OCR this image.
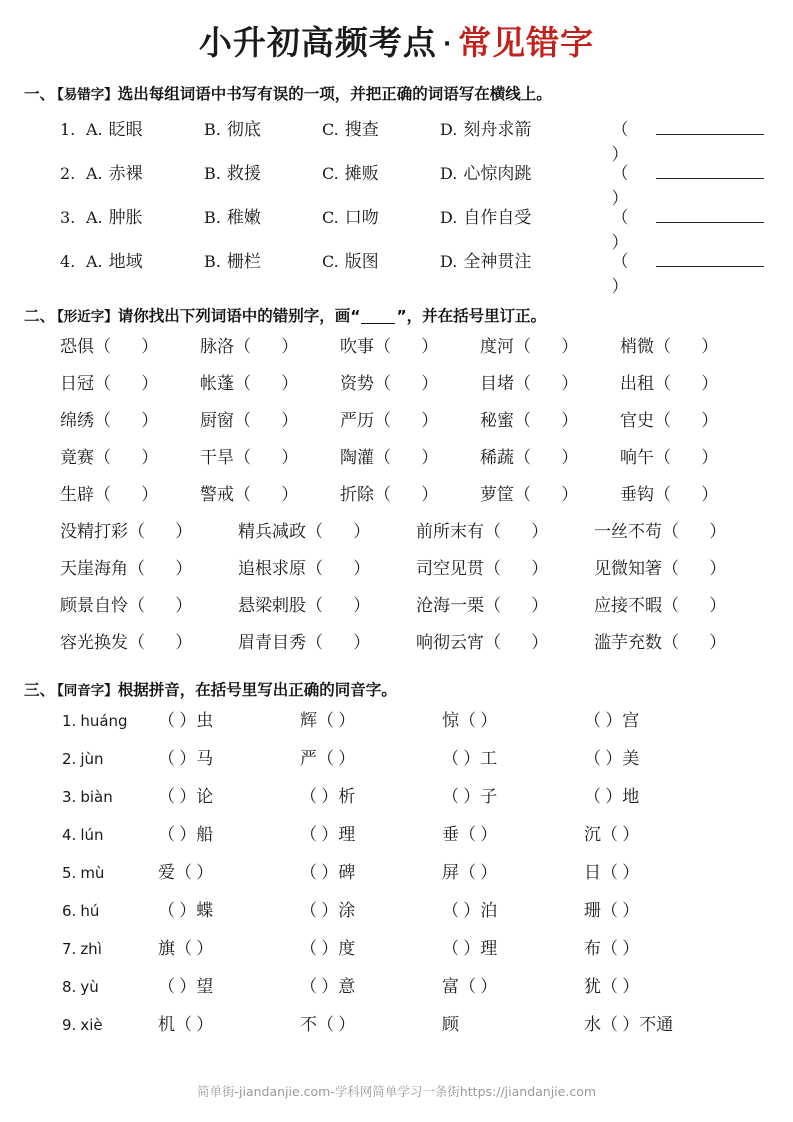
小升初高频考点 · 常见错字
一、 【易错字】选出每组词语中书写有误的一项，并把正确的词语写在横线上。
1. A. 眨眼	B. 彻底	C. 搜查	D. 刻舟求箭	（ ）
2. A. 赤裸	B. 救援	C. 摊贩	D. 心惊肉跳	（ ）
3. A. 肿胀	B. 稚嫩	C. 口吻	D. 自作自受	（ ）
4. A. 地域	B. 栅栏	C. 版图	D. 全神贯注	（ ）
二、 【形近字】请你找出下列词语中的错别字，画“ ”，并在括号里订正。
恐俱（ ）	脉洛（ ）	吹事（ ）	度河（ ）	梢微（ ）
日冠（ ）	帐蓬（ ）	资势（ ）	目堵（ ）	出租（ ）
绵绣（ ）	厨窗（ ）	严历（ ）	秘蜜（ ）	官史（ ）
竟赛（ ）	干旱（ ）	陶灌（ ）	稀蔬（ ）	响午（ ）
生辟（ ）	警戒（ ）	折除（ ）	萝筐（ ）	垂钩（ ）
没精打彩（ ）	精兵减政（ ）	前所末有（ ）	一丝不苟（ ）
天崖海角（ ）	追根求原（ ）	司空见贯（ ）	见微知箸（ ）
顾景自怜（ ）	悬梁剌股（ ）	沧海一栗（ ）	应接不暇（ ）
容光换发（ ）	眉青目秀（ ）	响彻云宵（ ）	滥芋充数（ ）
三、 【同音字】根据拼音，在括号里写出正确的同音字。
1. huáng	（ ）虫	辉（ ）	惊（ ）	（ ）宫
2. jùn	（ ）马	严（ ）	（ ）工	（ ）美
3. biàn	（ ）论	（ ）析	（ ）子	（ ）地
4. lún	（ ）船	（ ）理	垂（ ）	沉（ ）
5. mù	爱（ ）	（ ）碑	屏（ ）	日（ ）
6. hú	（ ）蝶	（ ）涂	（ ）泊	珊（ ）
7. zhì	旗（ ）	（ ）度	（ ）理	布（ ）
8. yù	（ ）望	（ ）意	富（ ）	犹（ ）
9. xiè	机（ ）	不（ ）	顾	水（ ）不通
简单街-jiandanjie.com-学科网简单学习一条街https://jiandanjie.com
